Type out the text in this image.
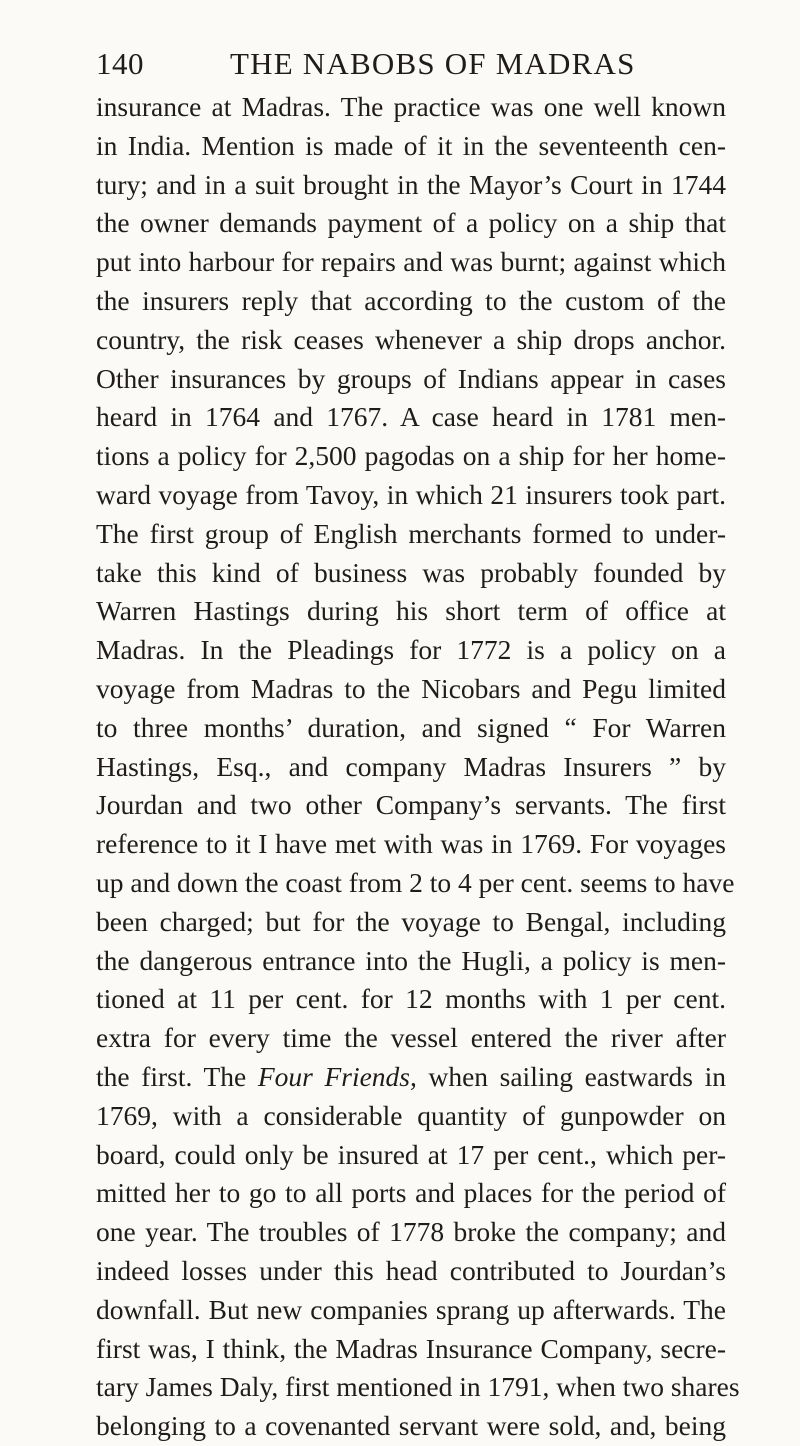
140	THE NABOBS OF MADRAS
insurance at Madras. The practice was one well known
in India. Mention is made of it in the seventeenth cen-
tury; and in a suit brought in the Mayor’s Court in 1744
the owner demands payment of a policy on a ship that
put into harbour for repairs and was burnt; against which
the insurers reply that according to the custom of the
country, the risk ceases whenever a ship drops anchor.
Other insurances by groups of Indians appear in cases
heard in 1764 and 1767. A case heard in 1781 men-
tions a policy for 2,500 pagodas on a ship for her home-
ward voyage from Tavoy, in which 21 insurers took part.
The first group of English merchants formed to under-
take this kind of business was probably founded by
Warren Hastings during his short term of office at
Madras. In the Pleadings for 1772 is a policy on a
voyage from Madras to the Nicobars and Pegu limited
to three months’ duration, and signed “ For Warren
Hastings, Esq., and company Madras Insurers ” by
Jourdan and two other Company’s servants. The first
reference to it I have met with was in 1769. For voyages
up and down the coast from 2 to 4 per cent. seems to have
been charged; but for the voyage to Bengal, including
the dangerous entrance into the Hugli, a policy is men-
tioned at 11 per cent. for 12 months with 1 per cent.
extra for every time the vessel entered the river after
the first. The Four Friends, when sailing eastwards in
1769, with a considerable quantity of gunpowder on
board, could only be insured at 17 per cent., which per-
mitted her to go to all ports and places for the period of
one year. The troubles of 1778 broke the company; and
indeed losses under this head contributed to Jourdan’s
downfall. But new companies sprang up afterwards. The
first was, I think, the Madras Insurance Company, secre-
tary James Daly, first mentioned in 1791, when two shares
belonging to a covenanted servant were sold, and, being
